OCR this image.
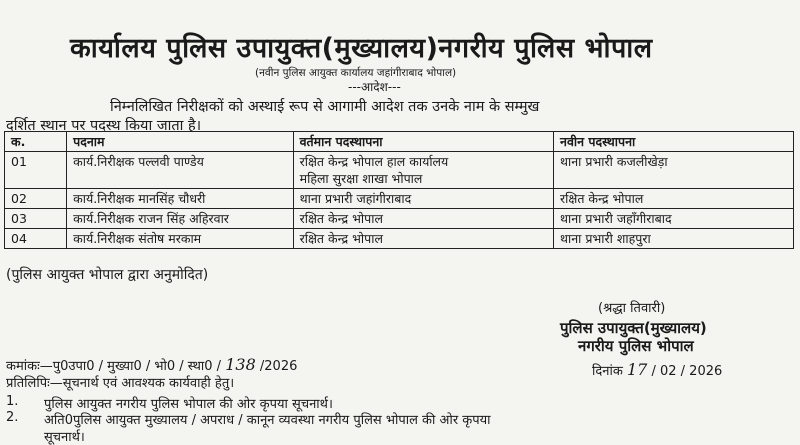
कार्यालय पुलिस उपायुक्त(मुख्यालय)नगरीय पुलिस भोपाल
(नवीन पुलिस आयुक्त कार्यालय जहांगीराबाद भोपाल)
---आदेश---
निम्नलिखित निरीक्षकों को अस्थाई रूप से आगामी आदेश तक उनके नाम के सम्मुख
दर्शित स्थान पर पदस्थ किया जाता है।
क.	पदनाम	वर्तमान पदस्थापना	नवीन पदस्थापना
01	कार्य.निरीक्षक पल्लवी पाण्डेय	रक्षित केन्द्र भोपाल हाल कार्यालय
महिला सुरक्षा शाखा भोपाल	थाना प्रभारी कजलीखेड़ा
02	कार्य.निरीक्षक मानसिंह चौधरी	थाना प्रभारी जहांगीराबाद	रक्षित केन्द्र भोपाल
03	कार्य.निरीक्षक राजन सिंह अहिरवार	रक्षित केन्द्र भोपाल	थाना प्रभारी जहाँगीराबाद
04	कार्य.निरीक्षक संतोष मरकाम	रक्षित केन्द्र भोपाल	थाना प्रभारी शाहपुरा
(पुलिस आयुक्त भोपाल द्वारा अनुमोदित)
(श्रद्धा तिवारी)
पुलिस उपायुक्त(मुख्यालय)
नगरीय पुलिस भोपाल
कमांकः—पु0उपा0 / मुख्या0 / भो0 / स्था0 / 138 /2026	दिनांक 17 / 02 / 2026
प्रतिलिपिः—सूचनार्थ एवं आवश्यक कार्यवाही हेतु।
1. पुलिस आयुक्त नगरीय पुलिस भोपाल की ओर कृपया सूचनार्थ।
2. अति0पुलिस आयुक्त मुख्यालय / अपराध / कानून व्यवस्था नगरीय पुलिस भोपाल की ओर कृपया
सूचनार्थ।
